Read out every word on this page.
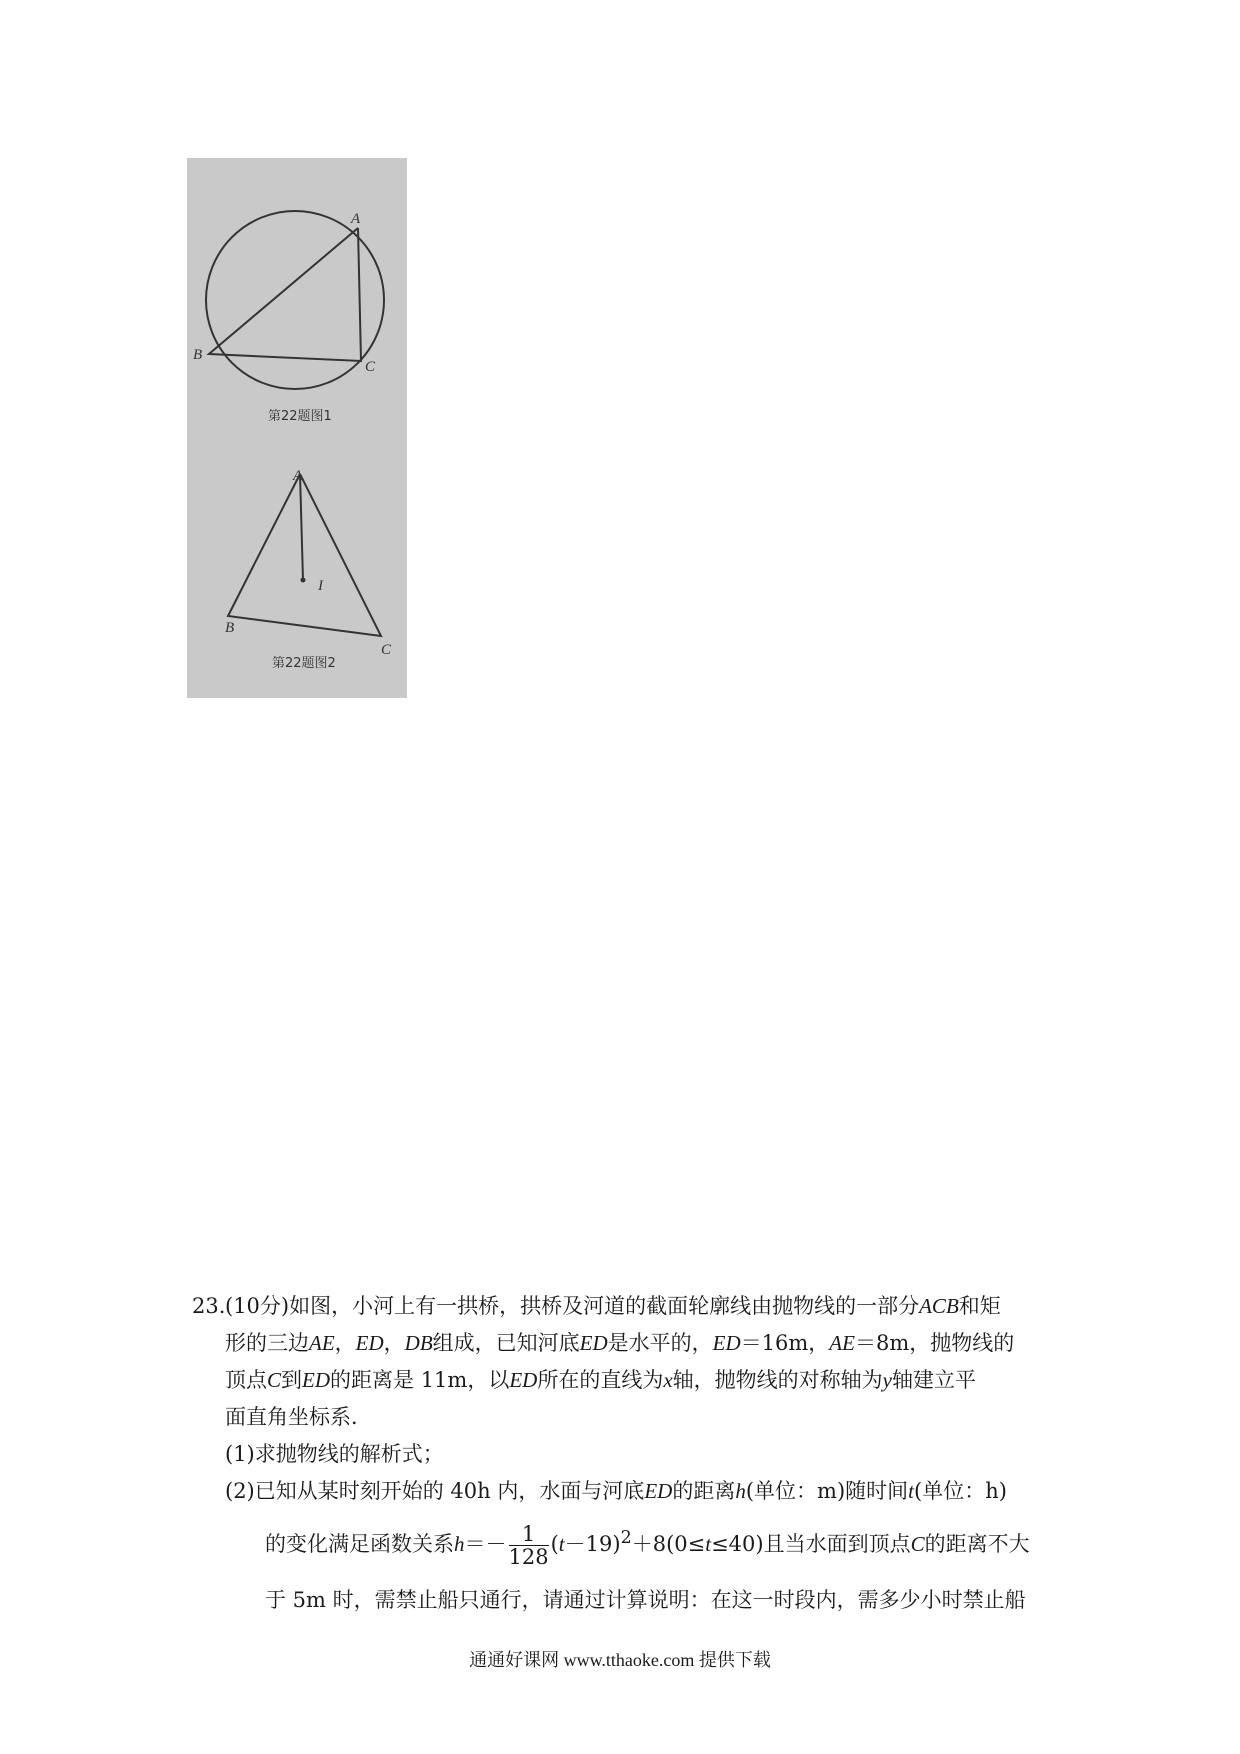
A
B
C
第22题图1
A
I
B
C
第22题图2
23.(10分)如图，小河上有一拱桥，拱桥及河道的截面轮廓线由抛物线的一部分ACB和矩
形的三边AE，ED，DB组成，已知河底ED是水平的，ED＝16m，AE＝8m，抛物线的
顶点C到ED的距离是 11m，以ED所在的直线为x轴，抛物线的对称轴为y轴建立平
面直角坐标系．
(1)求抛物线的解析式；
(2)已知从某时刻开始的 40h 内，水面与河底ED的距离h(单位：m)随时间t(单位：h)
的变化满足函数关系$h=- \frac{1}{128} (t-19)^2+8(0\le t\le 40)$且当水面到顶点C的距离不大
于 5m 时，需禁止船只通行，请通过计算说明：在这一时段内，需多少小时禁止船
通通好课网 www.tthaoke.com 提供下载
